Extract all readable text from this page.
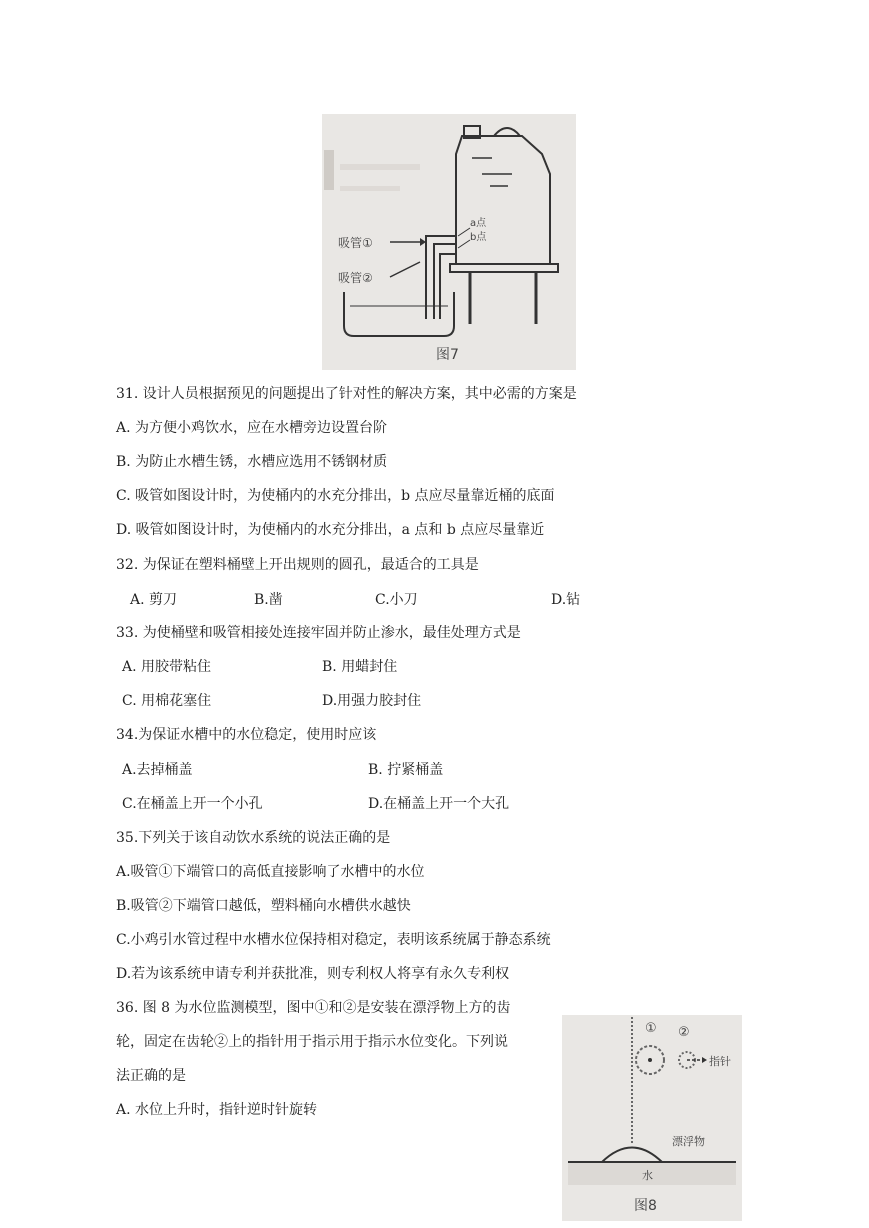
a点
b点
吸管①
吸管②
图7
31. 设计人员根据预见的问题提出了针对性的解决方案，其中必需的方案是
A. 为方便小鸡饮水，应在水槽旁边设置台阶
B. 为防止水槽生锈，水槽应选用不锈钢材质
C. 吸管如图设计时，为使桶内的水充分排出，b 点应尽量靠近桶的底面
D. 吸管如图设计时，为使桶内的水充分排出，a 点和 b 点应尽量靠近
32. 为保证在塑料桶壁上开出规则的圆孔，最适合的工具是
A. 剪刀	B.凿	C.小刀	D.钻
33. 为使桶壁和吸管相接处连接牢固并防止渗水，最佳处理方式是
A. 用胶带粘住	B. 用蜡封住
C. 用棉花塞住	D.用强力胶封住
34.为保证水槽中的水位稳定，使用时应该
A.去掉桶盖	B. 拧紧桶盖
C.在桶盖上开一个小孔	D.在桶盖上开一个大孔
35.下列关于该自动饮水系统的说法正确的是
A.吸管①下端管口的高低直接影响了水槽中的水位
B.吸管②下端管口越低，塑料桶向水槽供水越快
C.小鸡引水管过程中水槽水位保持相对稳定，表明该系统属于静态系统
D.若为该系统申请专利并获批准，则专利权人将享有永久专利权
36. 图 8 为水位监测模型，图中①和②是安装在漂浮物上方的齿
轮，固定在齿轮②上的指针用于指示用于指示水位变化。下列说
法正确的是
A. 水位上升时，指针逆时针旋转
① ②
指针
漂浮物
水
图8
